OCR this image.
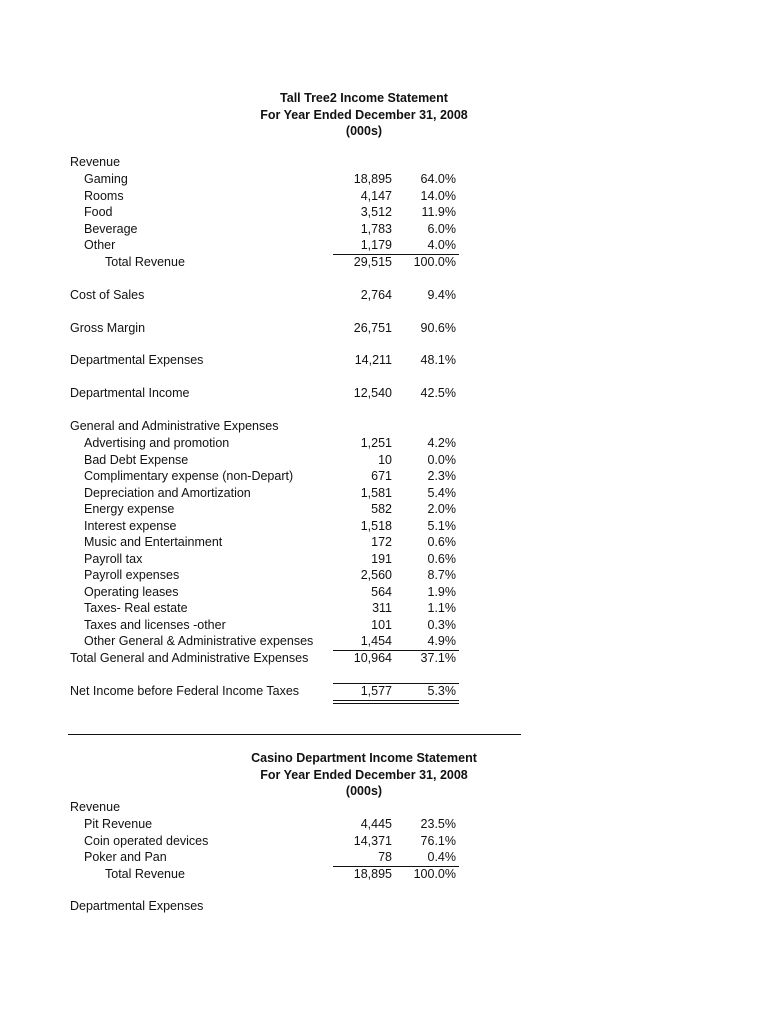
Tall Tree2 Income Statement
For Year Ended December 31, 2008
(000s)
Revenue
Gaming	18,895 64.0%
Rooms	4,147 14.0%
Food	3,512 11.9%
Beverage	1,783	6.0%
Other	1,179	4.0%
Total Revenue	29,515 100.0%
Cost of Sales	2,764	9.4%
Gross Margin	26,751 90.6%
Departmental Expenses	14,211 48.1%
Departmental Income	12,540 42.5%
General and Administrative Expenses
Advertising and promotion	1,251	4.2%
Bad Debt Expense	10	0.0%
Complimentary expense (non-Depart)	671	2.3%
Depreciation and Amortization	1,581	5.4%
Energy expense	582	2.0%
Interest expense	1,518	5.1%
Music and Entertainment	172	0.6%
Payroll tax	191	0.6%
Payroll expenses	2,560	8.7%
Operating leases	564	1.9%
Taxes- Real estate	311	1.1%
Taxes and licenses -other	101	0.3%
Other General & Administrative expenses	1,454	4.9%
Total General and Administrative Expenses	10,964 37.1%
Net Income before Federal Income Taxes	1,577	5.3%
Casino Department Income Statement
For Year Ended December 31, 2008
(000s)
Revenue
Pit Revenue	4,445 23.5%
Coin operated devices	14,371 76.1%
Poker and Pan	78	0.4%
Total Revenue	18,895 100.0%
Departmental Expenses
